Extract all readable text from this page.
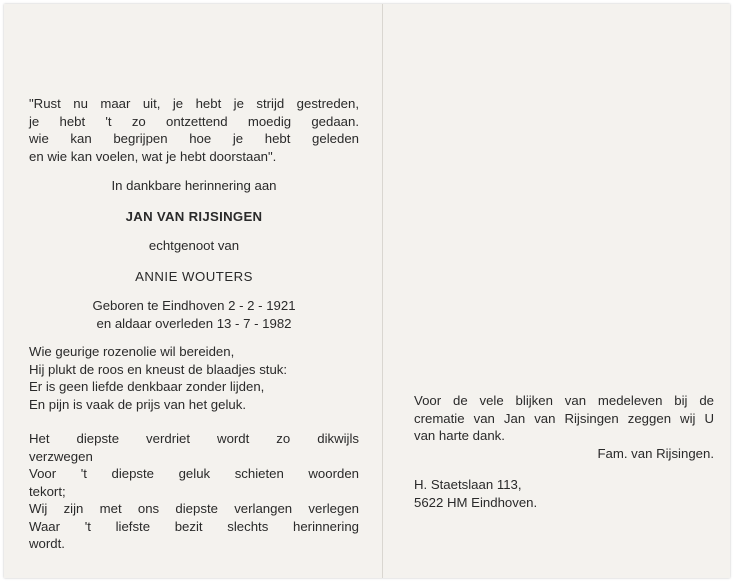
"Rust nu maar uit, je hebt je strijd gestreden,

je hebt 't zo ontzettend moedig gedaan.

wie kan begrijpen hoe je hebt geleden

en wie kan voelen, wat je hebt doorstaan".

In dankbare herinnering aan
JAN VAN RIJSINGEN
echtgenoot van
ANNIE WOUTERS
Geboren te Eindhoven 2 - 2 - 1921
en aldaar overleden 13 - 7 - 1982

Wie geurige rozenolie wil bereiden,

Hij plukt de roos en kneust de blaadjes stuk:

Er is geen liefde denkbaar zonder lijden,

En pijn is vaak de prijs van het geluk.

Het diepste verdriet wordt zo dikwijls

verzwegen

Voor 't diepste geluk schieten woorden

tekort;

Wij zijn met ons diepste verlangen verlegen

Waar 't liefste bezit slechts herinnering

wordt.

Voor de vele blijken van medeleven bij de

crematie van Jan van Rijsingen zeggen wij U

van harte dank.

Fam. van Rijsingen.

H. Staetslaan 113,

5622 HM Eindhoven.
